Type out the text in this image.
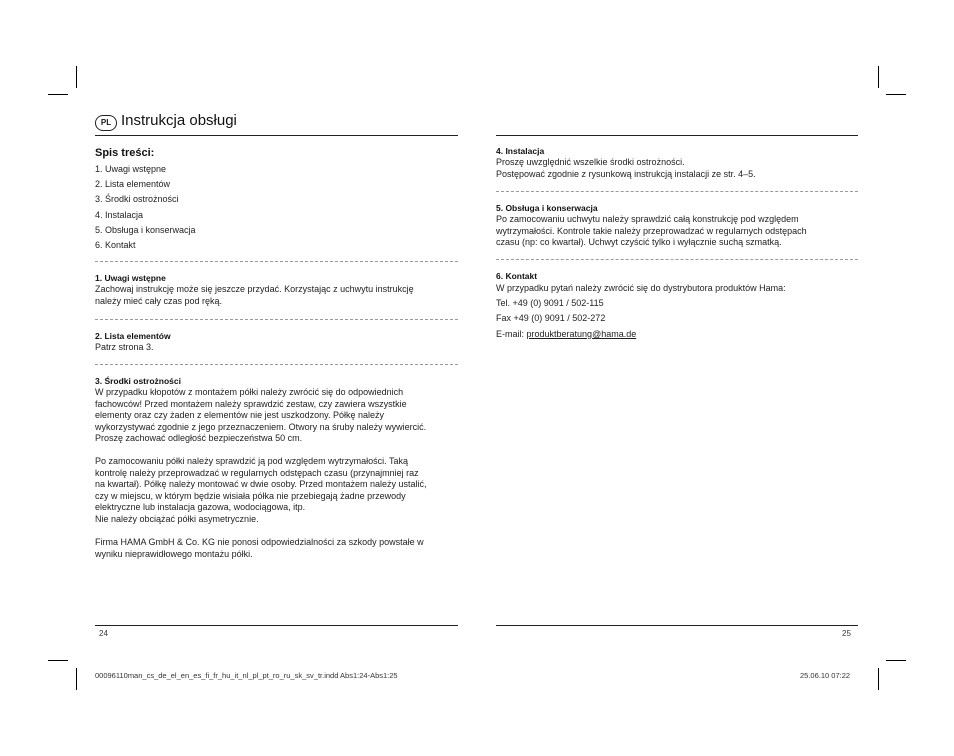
PL Instrukcja obsługi
Spis treści:
1. Uwagi wstępne
2. Lista elementów
3. Środki ostrożności
4. Instalacja
5. Obsługa i konserwacja
6. Kontakt
1. Uwagi wstępne
Zachowaj instrukcję może się jeszcze przydać. Korzystając z uchwytu instrukcję
należy mieć cały czas pod ręką.
2. Lista elementów
Patrz strona 3.
3. Środki ostrożności
W przypadku kłopotów z montażem półki należy zwrócić się do odpowiednich
fachowców! Przed montażem należy sprawdzić zestaw, czy zawiera wszystkie
elementy oraz czy żaden z elementów nie jest uszkodzony. Półkę należy
wykorzystywać zgodnie z jego przeznaczeniem. Otwory na śruby należy wywiercić.
Proszę zachować odległość bezpieczeństwa 50 cm.
Po zamocowaniu półki należy sprawdzić ją pod względem wytrzymałości. Taką
kontrolę należy przeprowadzać w regularnych odstępach czasu (przynajmniej raz
na kwartał). Półkę należy montować w dwie osoby. Przed montażem należy ustalić,
czy w miejscu, w którym będzie wisiała półka nie przebiegają żadne przewody
elektryczne lub instalacja gazowa, wodociągowa, itp.
Nie należy obciążać półki asymetrycznie.
Firma HAMA GmbH & Co. KG nie ponosi odpowiedzialności za szkody powstałe w
wyniku nieprawidłowego montażu półki.
24
4. Instalacja
Proszę uwzględnić wszelkie środki ostrożności.
Postępować zgodnie z rysunkową instrukcją instalacji ze str. 4–5.
5. Obsługa i konserwacja
Po zamocowaniu uchwytu należy sprawdzić całą konstrukcję pod względem
wytrzymałości. Kontrole takie należy przeprowadzać w regularnych odstępach
czasu (np: co kwartał). Uchwyt czyścić tylko i wyłącznie suchą szmatką.
6. Kontakt
W przypadku pytań należy zwrócić się do dystrybutora produktów Hama:
Tel. +49 (0) 9091 / 502-115
Fax +49 (0) 9091 / 502-272
E-mail: produktberatung@hama.de
25
00096110man_cs_de_el_en_es_fi_fr_hu_it_nl_pl_pt_ro_ru_sk_sv_tr.indd Abs1:24-Abs1:25	25.06.10 07:22
